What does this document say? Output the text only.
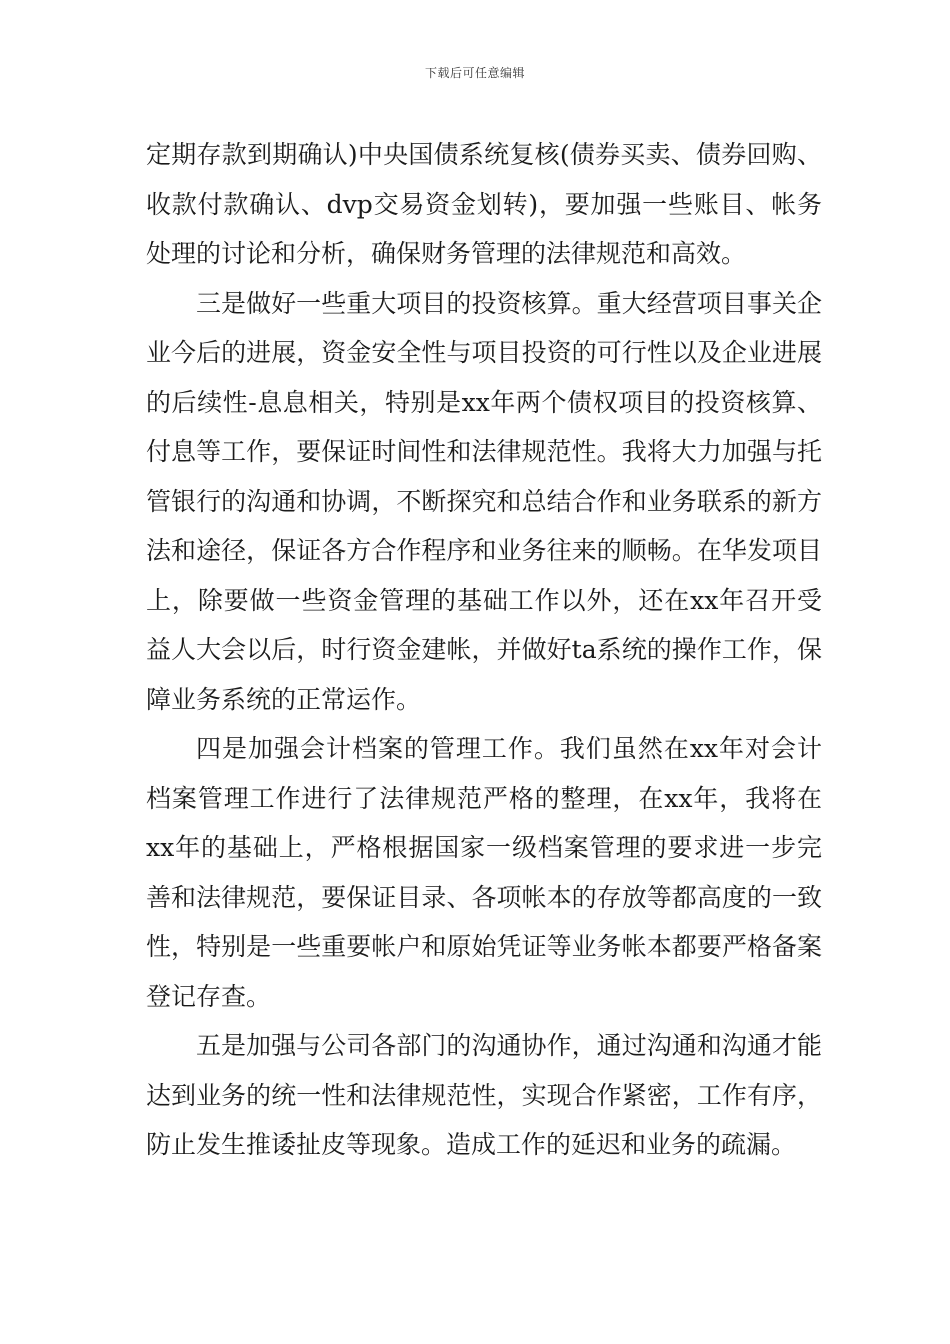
下载后可任意编辑

定期存款到期确认)中央国债系统复核(债券买卖、债券回购、收款付款确认、dvp交易资金划转)，要加强一些账目、帐务处理的讨论和分析，确保财务管理的法律规范和高效。

三是做好一些重大项目的投资核算。重大经营项目事关企业今后的进展，资金安全性与项目投资的可行性以及企业进展的后续性-息息相关，特别是xx年两个债权项目的投资核算、付息等工作，要保证时间性和法律规范性。我将大力加强与托管银行的沟通和协调，不断探究和总结合作和业务联系的新方法和途径，保证各方合作程序和业务往来的顺畅。在华发项目上，除要做一些资金管理的基础工作以外，还在xx年召开受益人大会以后，时行资金建帐，并做好ta系统的操作工作，保障业务系统的正常运作。

四是加强会计档案的管理工作。我们虽然在xx年对会计档案管理工作进行了法律规范严格的整理，在xx年，我将在xx年的基础上，严格根据国家一级档案管理的要求进一步完善和法律规范，要保证目录、各项帐本的存放等都高度的一致性，特别是一些重要帐户和原始凭证等业务帐本都要严格备案登记存查。

五是加强与公司各部门的沟通协作，通过沟通和沟通才能达到业务的统一性和法律规范性，实现合作紧密，工作有序，防止发生推诿扯皮等现象。造成工作的延迟和业务的疏漏。
